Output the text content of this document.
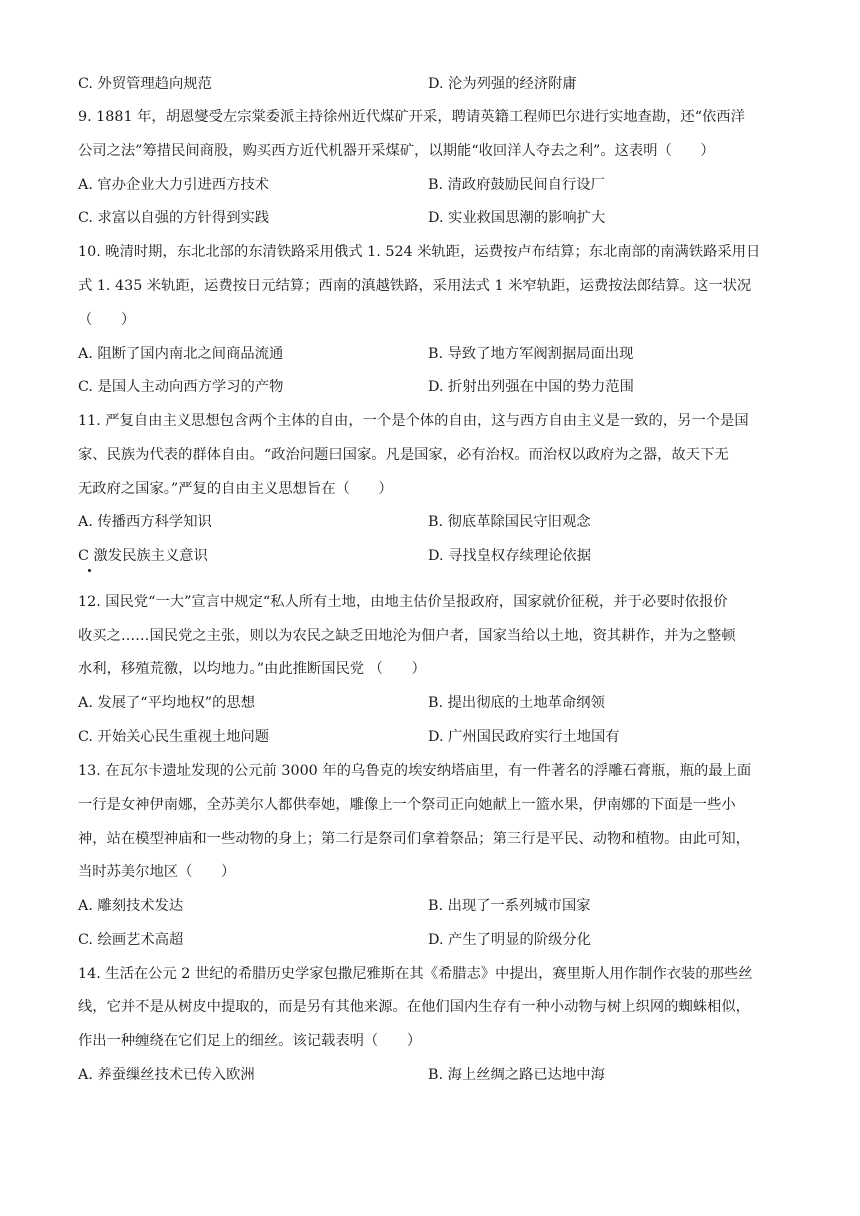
C. 外贸管理趋向规范	D. 沦为列强的经济附庸
9. 1881 年，胡恩燮受左宗棠委派主持徐州近代煤矿开采，聘请英籍工程师巴尔进行实地查勘，还“依西洋
公司之法”筹措民间商股，购买西方近代机器开采煤矿，以期能“收回洋人夺去之利”。这表明（　　）
A. 官办企业大力引进西方技术	B. 清政府鼓励民间自行设厂
C. 求富以自强的方针得到实践	D. 实业救国思潮的影响扩大
10. 晚清时期，东北北部的东清铁路采用俄式 1. 524 米轨距，运费按卢布结算；东北南部的南满铁路采用日
式 1. 435 米轨距，运费按日元结算；西南的滇越铁路，采用法式 1 米窄轨距，运费按法郎结算。这一状况
（　　）
A. 阻断了国内南北之间商品流通	B. 导致了地方军阀割据局面出现
C. 是国人主动向西方学习的产物	D. 折射出列强在中国的势力范围
11. 严复自由主义思想包含两个主体的自由，一个是个体的自由，这与西方自由主义是一致的，另一个是国
家、民族为代表的群体自由。“政治问题曰国家。凡是国家，必有治权。而治权以政府为之器，故天下无
无政府之国家。”严复的自由主义思想旨在（　　）
A. 传播西方科学知识	B. 彻底革除国民守旧观念
C 激发民族主义意识	D. 寻找皇权存续理论依据
12. 国民党“一大”宣言中规定“私人所有土地，由地主估价呈报政府，国家就价征税，并于必要时依报价
收买之……国民党之主张，则以为农民之缺乏田地沦为佃户者，国家当给以土地，资其耕作，并为之整顿
水利，移殖荒徼，以均地力。”由此推断国民党 （　　）
A. 发展了“平均地权”的思想	B. 提出彻底的土地革命纲领
C. 开始关心民生重视土地问题	D. 广州国民政府实行土地国有
13. 在瓦尔卡遗址发现的公元前 3000 年的乌鲁克的埃安纳塔庙里，有一件著名的浮雕石膏瓶，瓶的最上面
一行是女神伊南娜，全苏美尔人都供奉她，雕像上一个祭司正向她献上一篮水果，伊南娜的下面是一些小
神，站在模型神庙和一些动物的身上；第二行是祭司们拿着祭品；第三行是平民、动物和植物。由此可知，
当时苏美尔地区（　　）
A. 雕刻技术发达	B. 出现了一系列城市国家
C. 绘画艺术高超	D. 产生了明显的阶级分化
14. 生活在公元 2 世纪的希腊历史学家包撒尼雅斯在其《希腊志》中提出，赛里斯人用作制作衣装的那些丝
线，它并不是从树皮中提取的，而是另有其他来源。在他们国内生存有一种小动物与树上织网的蜘蛛相似，
作出一种缠绕在它们足上的细丝。该记载表明（　　）
A. 养蚕缫丝技术已传入欧洲	B. 海上丝绸之路已达地中海
